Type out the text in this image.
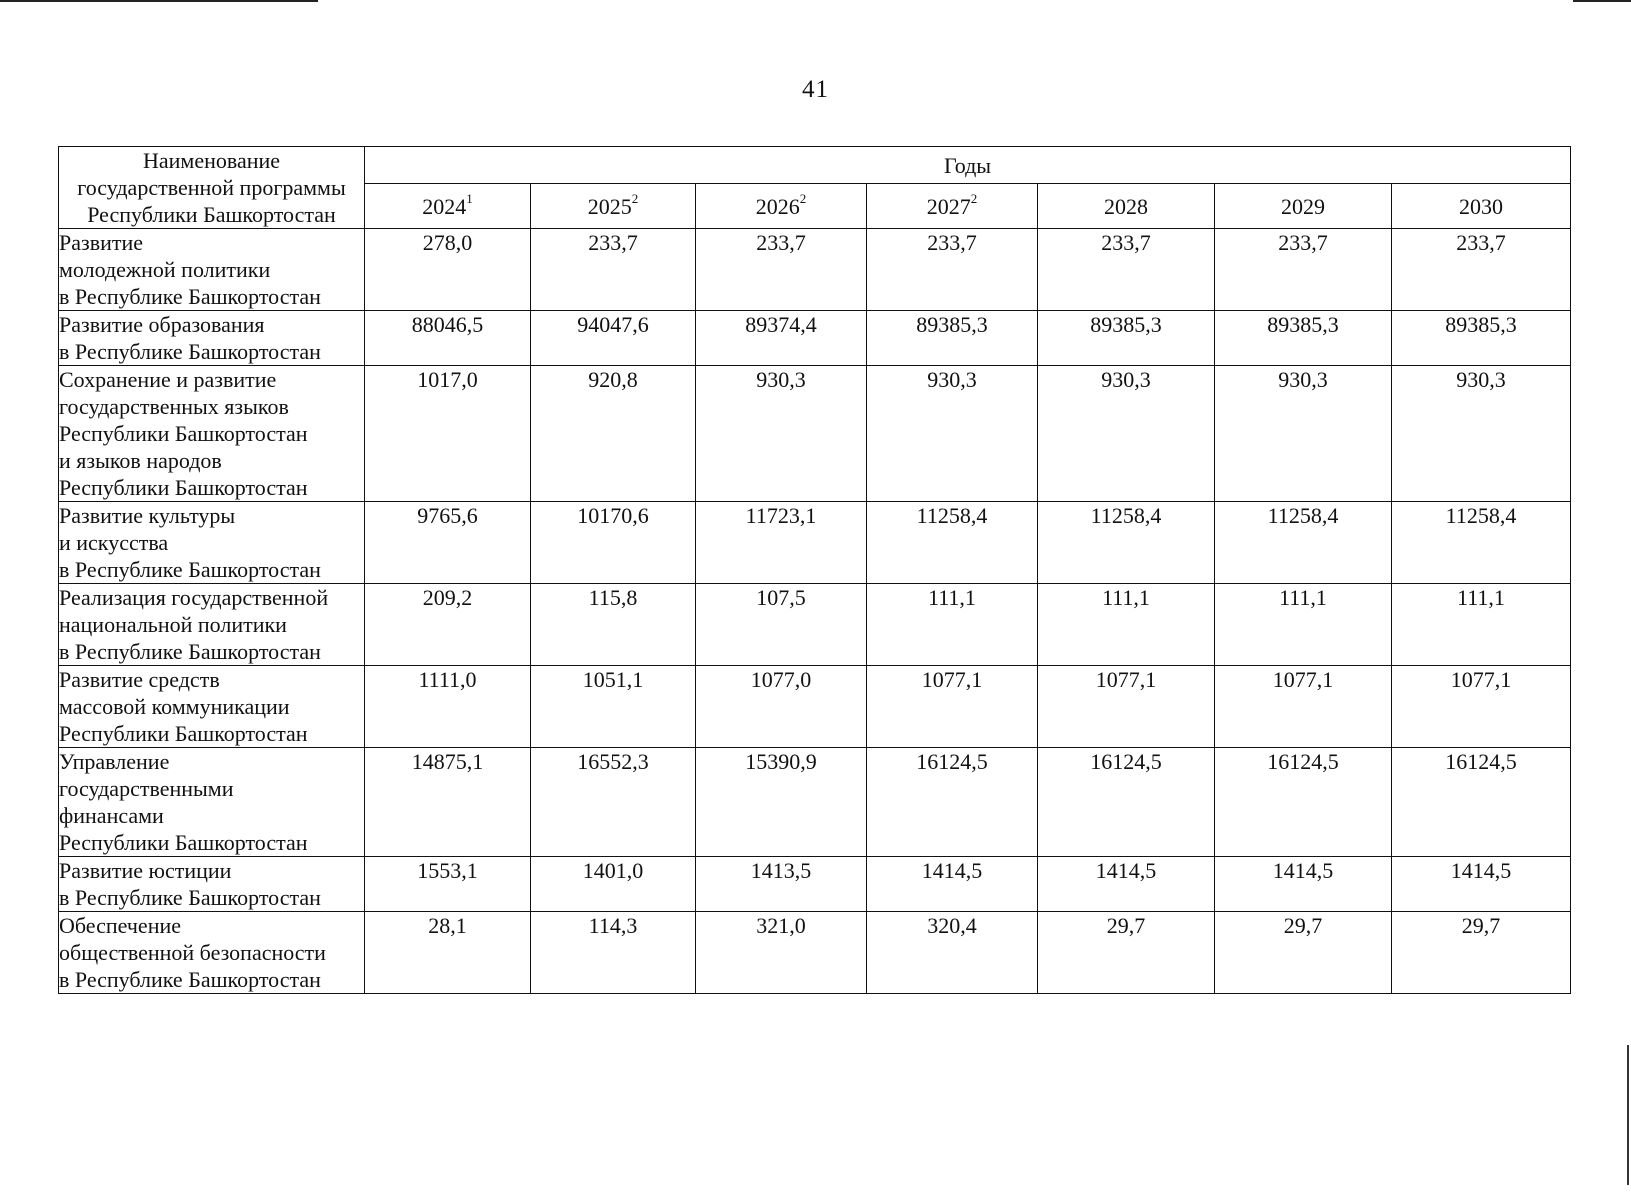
41
Наименование
государственной программы
Республики Башкортостан	Годы						
	2024$^1$	2025$^2$	2026$^2$	2027$^2$	2028	2029	2030

Развитие
молодежной политики
в Республике Башкортостан	278,0	233,7	233,7	233,7	233,7	233,7	233,7

Развитие образования
в Республике Башкортостан	88046,5	94047,6	89374,4	89385,3	89385,3	89385,3	89385,3

Сохранение и развитие
государственных языков
Республики Башкортостан
и языков народов
Республики Башкортостан	1017,0	920,8	930,3	930,3	930,3	930,3	930,3

Развитие культуры
и искусства
в Республике Башкортостан	9765,6	10170,6	11723,1	11258,4	11258,4	11258,4	11258,4

Реализация государственной
национальной политики
в Республике Башкортостан	209,2	115,8	107,5	111,1	111,1	111,1	111,1

Развитие средств
массовой коммуникации
Республики Башкортостан	1111,0	1051,1	1077,0	1077,1	1077,1	1077,1	1077,1

Управление
государственными
финансами
Республики Башкортостан	14875,1	16552,3	15390,9	16124,5	16124,5	16124,5	16124,5

Развитие юстиции
в Республике Башкортостан	1553,1	1401,0	1413,5	1414,5	1414,5	1414,5	1414,5

Обеспечение
общественной безопасности
в Республике Башкортостан	28,1	114,3	321,0	320,4	29,7	29,7	29,7
